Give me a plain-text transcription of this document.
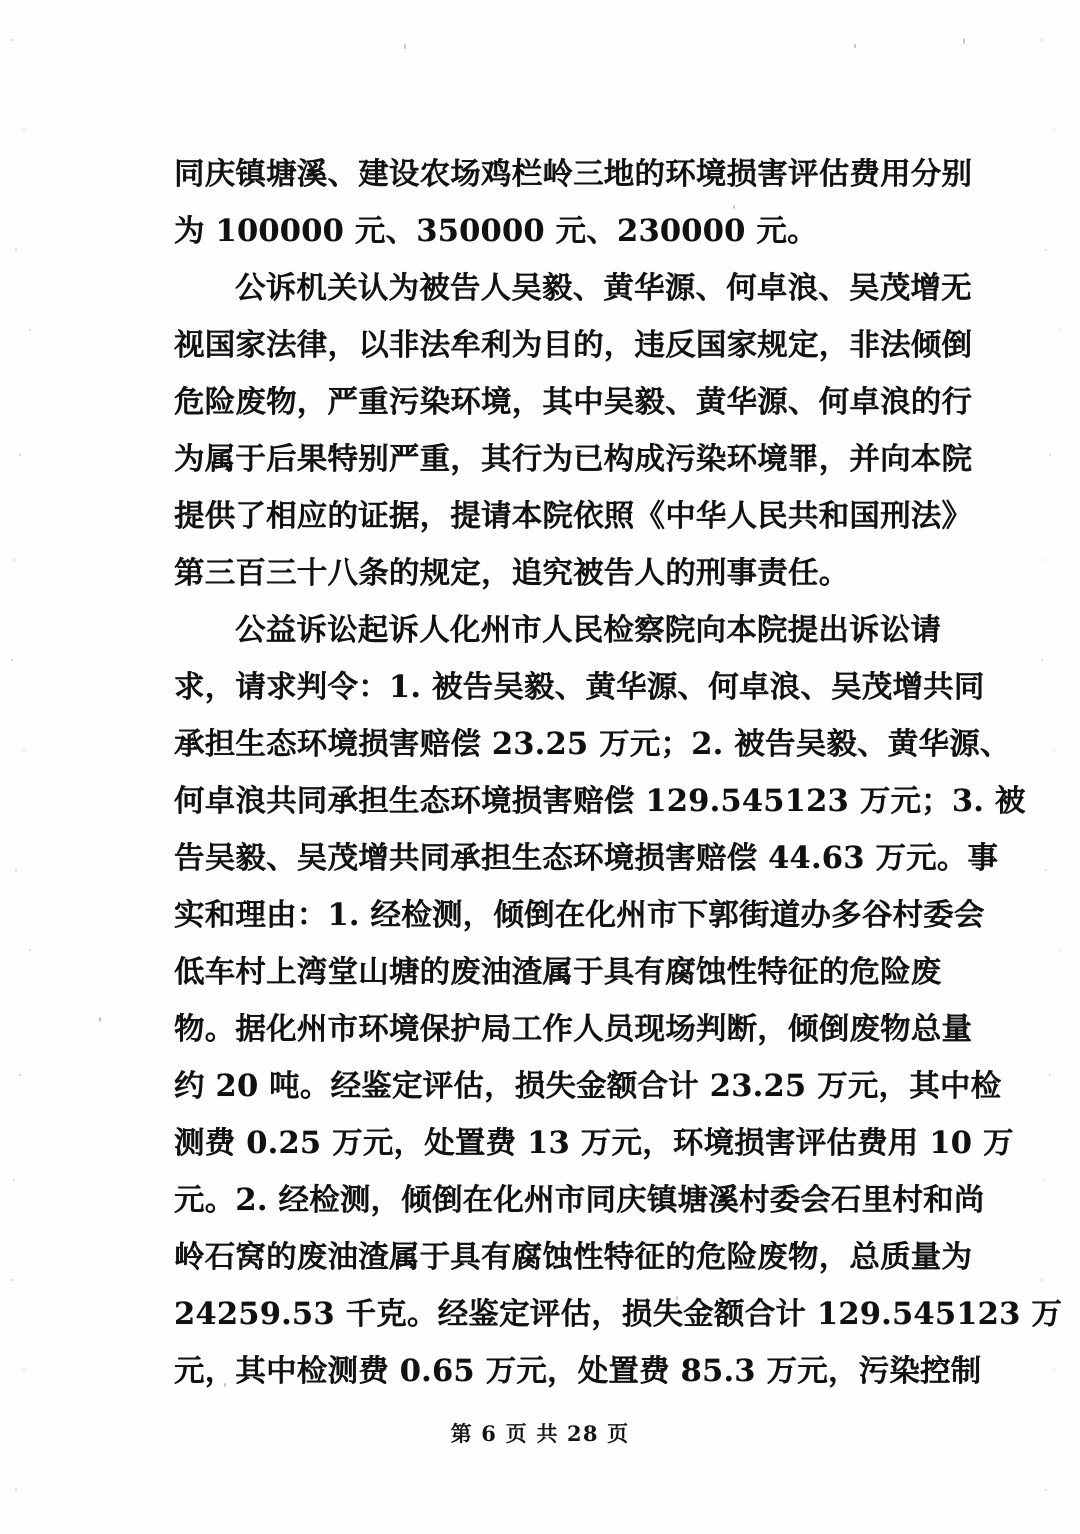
同庆镇塘溪、建设农场鸡栏岭三地的环境损害评估费用分别
为 100000 元、350000 元、230000 元。
公诉机关认为被告人吴毅、黄华源、何卓浪、吴茂增无
视国家法律，以非法牟利为目的，违反国家规定，非法倾倒
危险废物，严重污染环境，其中吴毅、黄华源、何卓浪的行
为属于后果特别严重，其行为已构成污染环境罪，并向本院
提供了相应的证据，提请本院依照《中华人民共和国刑法》
第三百三十八条的规定，追究被告人的刑事责任。
公益诉讼起诉人化州市人民检察院向本院提出诉讼请
求，请求判令：1. 被告吴毅、黄华源、何卓浪、吴茂增共同
承担生态环境损害赔偿 23.25 万元；2. 被告吴毅、黄华源、
何卓浪共同承担生态环境损害赔偿 129.545123 万元；3. 被
告吴毅、吴茂增共同承担生态环境损害赔偿 44.63 万元。事
实和理由：1. 经检测，倾倒在化州市下郭街道办多谷村委会
低车村上湾堂山塘的废油渣属于具有腐蚀性特征的危险废
物。据化州市环境保护局工作人员现场判断，倾倒废物总量
约 20 吨。经鉴定评估，损失金额合计 23.25 万元，其中检
测费 0.25 万元，处置费 13 万元，环境损害评估费用 10 万
元。2. 经检测，倾倒在化州市同庆镇塘溪村委会石里村和尚
岭石窝的废油渣属于具有腐蚀性特征的危险废物，总质量为
24259.53 千克。经鉴定评估，损失金额合计 129.545123 万
元，其中检测费 0.65 万元，处置费 85.3 万元，污染控制
第 6 页 共 28 页
